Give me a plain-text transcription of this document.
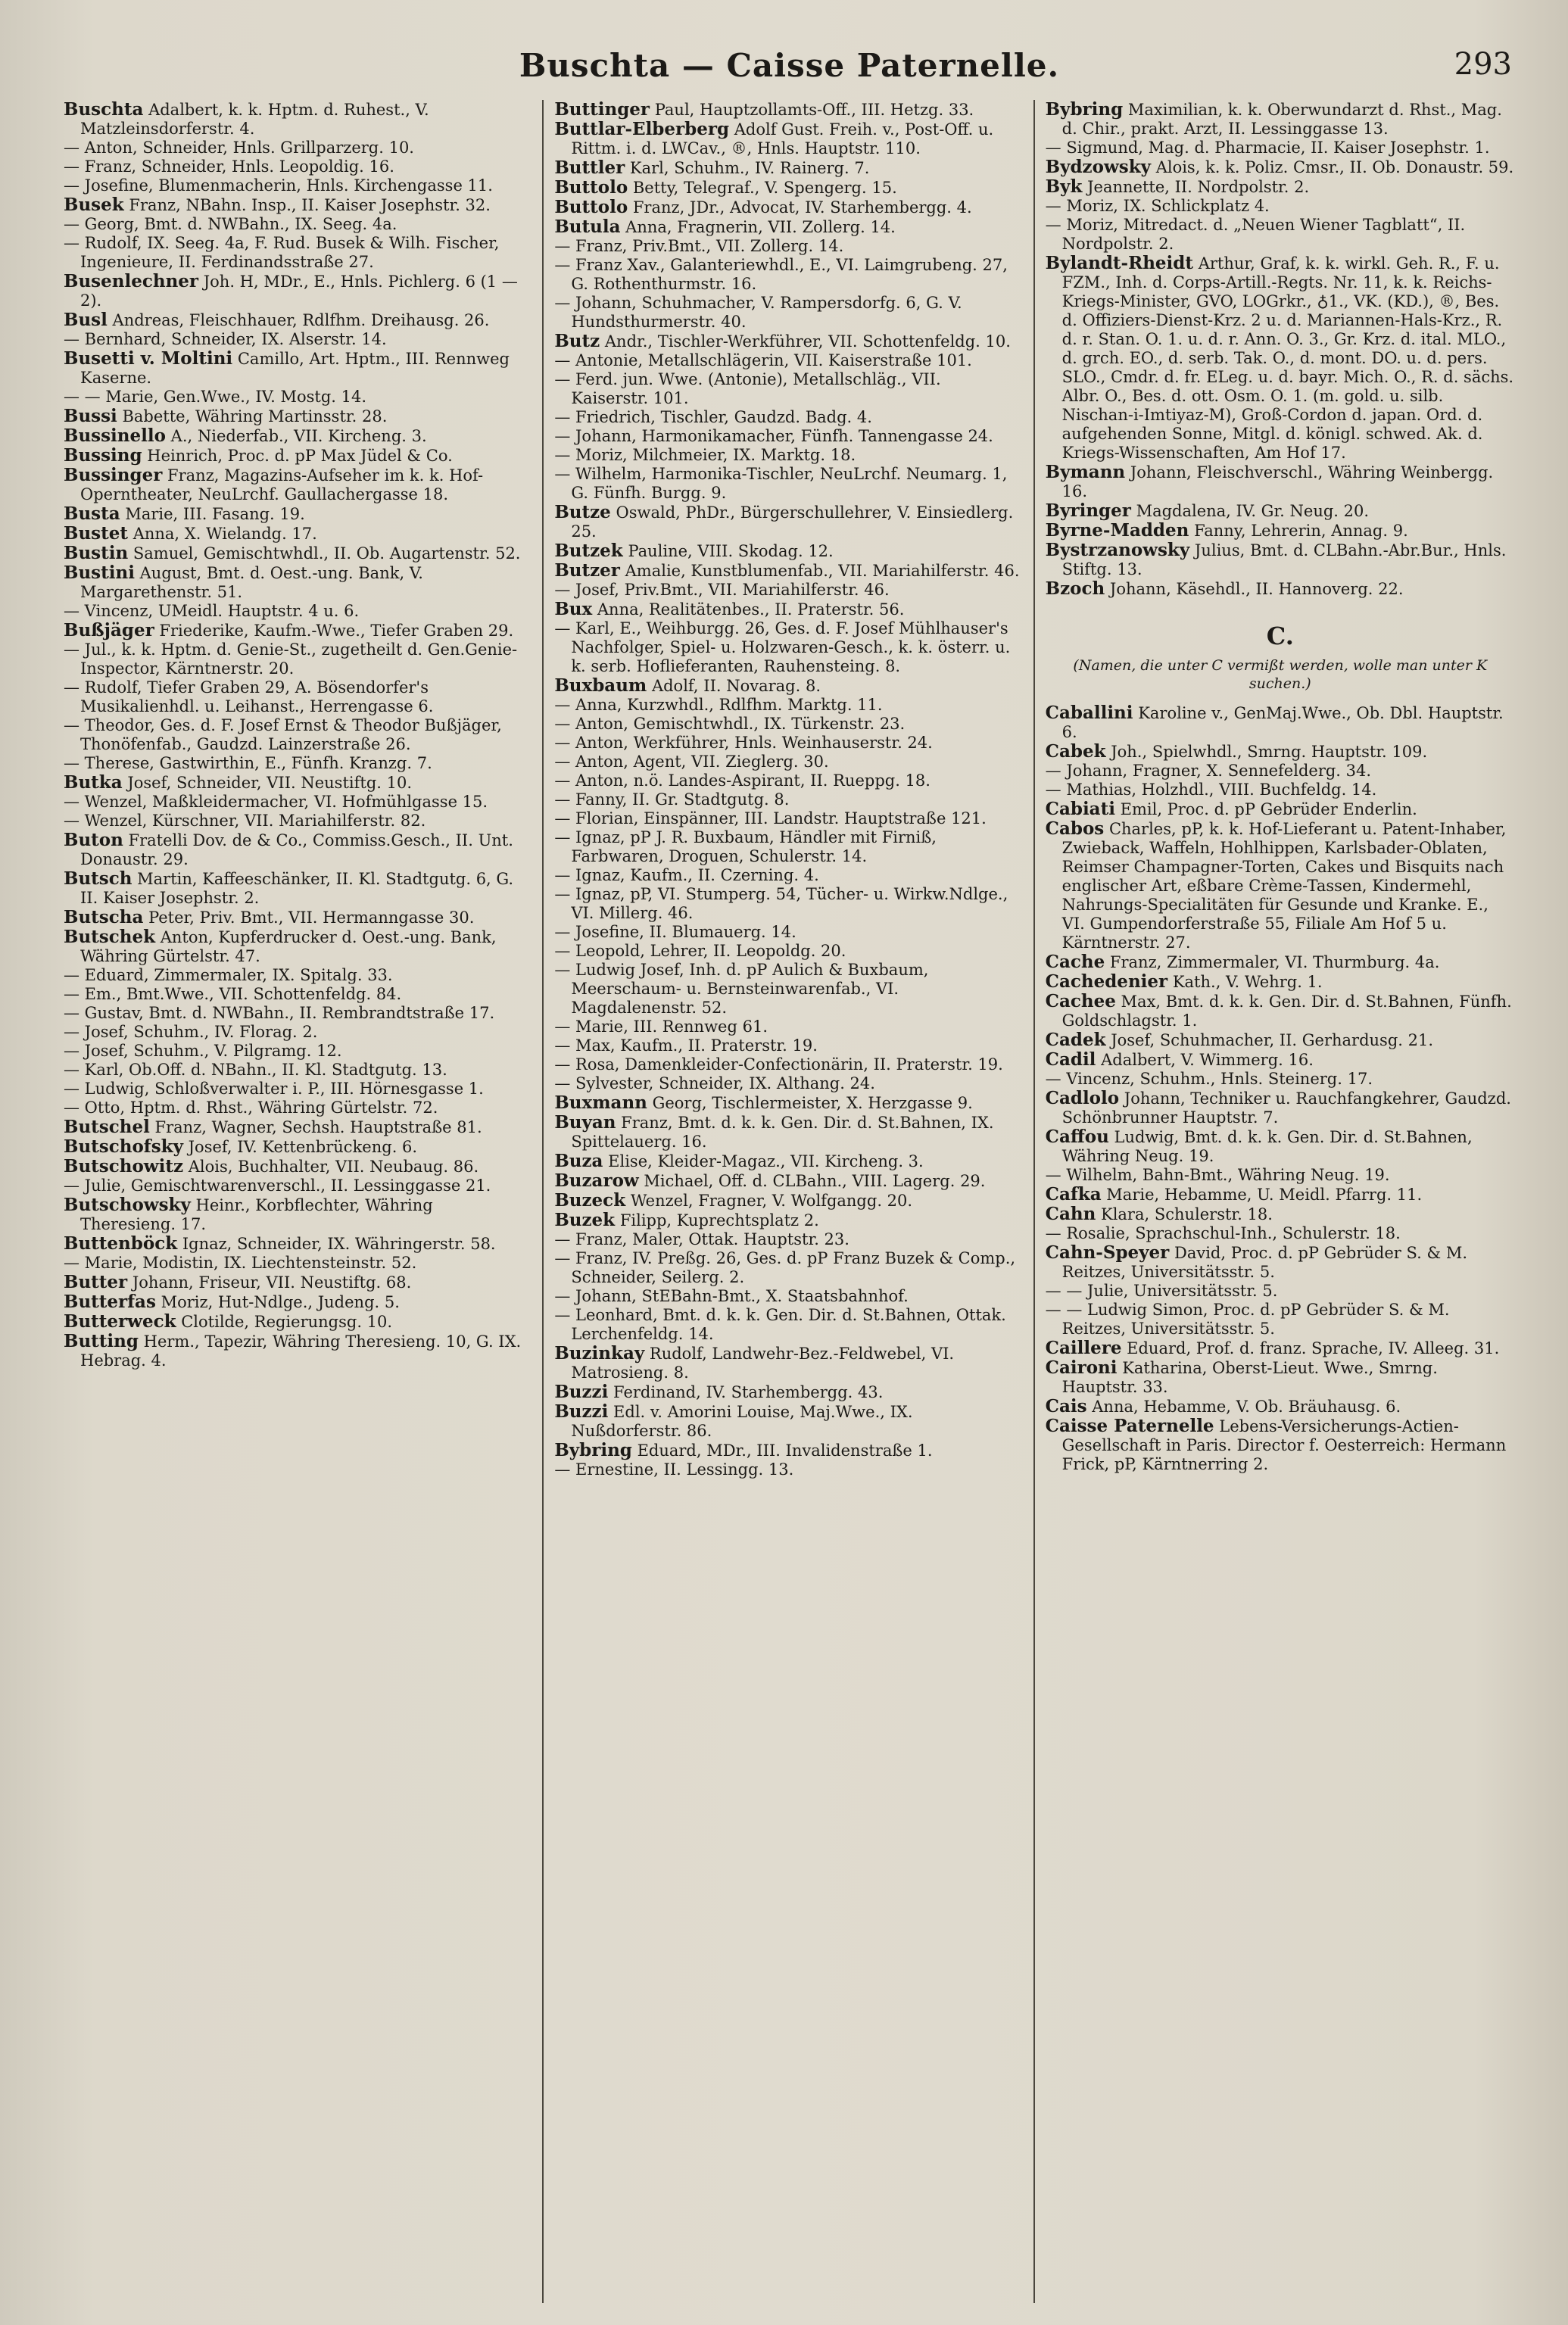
Buschta — Caisse Paternelle.	293

Buschta Adalbert, k. k. Hptm. d. Ruhest., V. Matzleinsdorferstr. 4.

— Anton, Schneider, Hnls. Grillparzerg. 10.

— Franz, Schneider, Hnls. Leopoldig. 16.

— Josefine, Blumenmacherin, Hnls. Kirchengasse 11.

Busek Franz, NBahn. Insp., II. Kaiser Josephstr. 32.

— Georg, Bmt. d. NWBahn., IX. Seeg. 4a.

— Rudolf, IX. Seeg. 4a, F. Rud. Busek & Wilh. Fischer, Ingenieure, II. Ferdinandsstraße 27.

Busenlechner Joh. H, MDr., E., Hnls. Pichlerg. 6 (1 — 2).

Busl Andreas, Fleischhauer, Rdlfhm. Dreihausg. 26.

— Bernhard, Schneider, IX. Alserstr. 14.

Busetti v. Moltini Camillo, Art. Hptm., III. Rennweg Kaserne.

— — Marie, Gen.Wwe., IV. Mostg. 14.

Bussi Babette, Währing Martinsstr. 28.

Bussinello A., Niederfab., VII. Kircheng. 3.

Bussing Heinrich, Proc. d. pP Max Jüdel & Co.

Bussinger Franz, Magazins-Aufseher im k. k. Hof-Operntheater, NeuLrchf. Gaullachergasse 18.

Busta Marie, III. Fasang. 19.

Bustet Anna, X. Wielandg. 17.

Bustin Samuel, Gemischtwhdl., II. Ob. Augartenstr. 52.

Bustini August, Bmt. d. Oest.-ung. Bank, V. Margarethenstr. 51.

— Vincenz, UMeidl. Hauptstr. 4 u. 6.

Bußjäger Friederike, Kaufm.-Wwe., Tiefer Graben 29.

— Jul., k. k. Hptm. d. Genie-St., zugetheilt d. Gen.Genie-Inspector, Kärntnerstr. 20.

— Rudolf, Tiefer Graben 29, A. Bösendorfer's Musikalienhdl. u. Leihanst., Herrengasse 6.

— Theodor, Ges. d. F. Josef Ernst & Theodor Bußjäger, Thonöfenfab., Gaudzd. Lainzerstraße 26.

— Therese, Gastwirthin, E., Fünfh. Kranzg. 7.

Butka Josef, Schneider, VII. Neustiftg. 10.

— Wenzel, Maßkleidermacher, VI. Hofmühlgasse 15.

— Wenzel, Kürschner, VII. Mariahilferstr. 82.

Buton Fratelli Dov. de & Co., Commiss.Gesch., II. Unt. Donaustr. 29.

Butsch Martin, Kaffeeschänker, II. Kl. Stadtgutg. 6, G. II. Kaiser Josephstr. 2.

Butscha Peter, Priv. Bmt., VII. Hermanngasse 30.

Butschek Anton, Kupferdrucker d. Oest.-ung. Bank, Währing Gürtelstr. 47.

— Eduard, Zimmermaler, IX. Spitalg. 33.

— Em., Bmt.Wwe., VII. Schottenfeldg. 84.

— Gustav, Bmt. d. NWBahn., II. Rembrandtstraße 17.

— Josef, Schuhm., IV. Florag. 2.

— Josef, Schuhm., V. Pilgramg. 12.

— Karl, Ob.Off. d. NBahn., II. Kl. Stadtgutg. 13.

— Ludwig, Schloßverwalter i. P., III. Hörnesgasse 1.

— Otto, Hptm. d. Rhst., Währing Gürtelstr. 72.

Butschel Franz, Wagner, Sechsh. Hauptstraße 81.

Butschofsky Josef, IV. Kettenbrückeng. 6.

Butschowitz Alois, Buchhalter, VII. Neubaug. 86.

— Julie, Gemischtwarenverschl., II. Lessinggasse 21.

Butschowsky Heinr., Korbflechter, Währing Theresieng. 17.

Buttenböck Ignaz, Schneider, IX. Währingerstr. 58.

— Marie, Modistin, IX. Liechtensteinstr. 52.

Butter Johann, Friseur, VII. Neustiftg. 68.

Butterfas Moriz, Hut-Ndlge., Judeng. 5.

Butterweck Clotilde, Regierungsg. 10.

Butting Herm., Tapezir, Währing Theresieng. 10, G. IX. Hebrag. 4.

Buttinger Paul, Hauptzollamts-Off., III. Hetzg. 33.

Buttlar-Elberberg Adolf Gust. Freih. v., Post-Off. u. Rittm. i. d. LWCav., ®, Hnls. Hauptstr. 110.

Buttler Karl, Schuhm., IV. Rainerg. 7.

Buttolo Betty, Telegraf., V. Spengerg. 15.

Buttolo Franz, JDr., Advocat, IV. Starhembergg. 4.

Butula Anna, Fragnerin, VII. Zollerg. 14.

— Franz, Priv.Bmt., VII. Zollerg. 14.

— Franz Xav., Galanteriewhdl., E., VI. Laimgrubeng. 27, G. Rothenthurmstr. 16.

— Johann, Schuhmacher, V. Rampersdorfg. 6, G. V. Hundsthurmerstr. 40.

Butz Andr., Tischler-Werkführer, VII. Schottenfeldg. 10.

— Antonie, Metallschlägerin, VII. Kaiserstraße 101.

— Ferd. jun. Wwe. (Antonie), Metallschläg., VII. Kaiserstr. 101.

— Friedrich, Tischler, Gaudzd. Badg. 4.

— Johann, Harmonikamacher, Fünfh. Tannengasse 24.

— Moriz, Milchmeier, IX. Marktg. 18.

— Wilhelm, Harmonika-Tischler, NeuLrchf. Neumarg. 1, G. Fünfh. Burgg. 9.

Butze Oswald, PhDr., Bürgerschullehrer, V. Einsiedlerg. 25.

Butzek Pauline, VIII. Skodag. 12.

Butzer Amalie, Kunstblumenfab., VII. Mariahilferstr. 46.

— Josef, Priv.Bmt., VII. Mariahilferstr. 46.

Bux Anna, Realitätenbes., II. Praterstr. 56.

— Karl, E., Weihburgg. 26, Ges. d. F. Josef Mühlhauser's Nachfolger, Spiel- u. Holzwaren-Gesch., k. k. österr. u. k. serb. Hoflieferanten, Rauhensteing. 8.

Buxbaum Adolf, II. Novarag. 8.

— Anna, Kurzwhdl., Rdlfhm. Marktg. 11.

— Anton, Gemischtwhdl., IX. Türkenstr. 23.

— Anton, Werkführer, Hnls. Weinhauserstr. 24.

— Anton, Agent, VII. Zieglerg. 30.

— Anton, n.ö. Landes-Aspirant, II. Rueppg. 18.

— Fanny, II. Gr. Stadtgutg. 8.

— Florian, Einspänner, III. Landstr. Hauptstraße 121.

— Ignaz, pP J. R. Buxbaum, Händler mit Firniß, Farbwaren, Droguen, Schulerstr. 14.

— Ignaz, Kaufm., II. Czerning. 4.

— Ignaz, pP, VI. Stumperg. 54, Tücher- u. Wirkw.Ndlge., VI. Millerg. 46.

— Josefine, II. Blumauerg. 14.

— Leopold, Lehrer, II. Leopoldg. 20.

— Ludwig Josef, Inh. d. pP Aulich & Buxbaum, Meerschaum- u. Bernsteinwarenfab., VI. Magdalenenstr. 52.

— Marie, III. Rennweg 61.

— Max, Kaufm., II. Praterstr. 19.

— Rosa, Damenkleider-Confectionärin, II. Praterstr. 19.

— Sylvester, Schneider, IX. Althang. 24.

Buxmann Georg, Tischlermeister, X. Herzgasse 9.

Buyan Franz, Bmt. d. k. k. Gen. Dir. d. St.Bahnen, IX. Spittelauerg. 16.

Buza Elise, Kleider-Magaz., VII. Kircheng. 3.

Buzarow Michael, Off. d. CLBahn., VIII. Lagerg. 29.

Buzeck Wenzel, Fragner, V. Wolfgangg. 20.

Buzek Filipp, Kuprechtsplatz 2.

— Franz, Maler, Ottak. Hauptstr. 23.

— Franz, IV. Preßg. 26, Ges. d. pP Franz Buzek & Comp., Schneider, Seilerg. 2.

— Johann, StEBahn-Bmt., X. Staatsbahnhof.

— Leonhard, Bmt. d. k. k. Gen. Dir. d. St.Bahnen, Ottak. Lerchenfeldg. 14.

Buzinkay Rudolf, Landwehr-Bez.-Feldwebel, VI. Matrosieng. 8.

Buzzi Ferdinand, IV. Starhembergg. 43.

Buzzi Edl. v. Amorini Louise, Maj.Wwe., IX. Nußdorferstr. 86.

Bybring Eduard, MDr., III. Invalidenstraße 1.

— Ernestine, II. Lessingg. 13.

Bybring Maximilian, k. k. Oberwundarzt d. Rhst., Mag. d. Chir., prakt. Arzt, II. Lessinggasse 13.

— Sigmund, Mag. d. Pharmacie, II. Kaiser Josephstr. 1.

Bydzowsky Alois, k. k. Poliz. Cmsr., II. Ob. Donaustr. 59.

Byk Jeannette, II. Nordpolstr. 2.

— Moriz, IX. Schlickplatz 4.

— Moriz, Mitredact. d. „Neuen Wiener Tagblatt“, II. Nordpolstr. 2.

Bylandt-Rheidt Arthur, Graf, k. k. wirkl. Geh. R., F. u. FZM., Inh. d. Corps-Artill.-Regts. Nr. 11, k. k. Reichs-Kriegs-Minister, GVO, LOGrkr., ♁1., VK. (KD.), ®, Bes. d. Offiziers-Dienst-Krz. 2 u. d. Mariannen-Hals-Krz., R. d. r. Stan. O. 1. u. d. r. Ann. O. 3., Gr. Krz. d. ital. MLO., d. grch. EO., d. serb. Tak. O., d. mont. DO. u. d. pers. SLO., Cmdr. d. fr. ELeg. u. d. bayr. Mich. O., R. d. sächs. Albr. O., Bes. d. ott. Osm. O. 1. (m. gold. u. silb. Nischan-i-Imtiyaz-M), Groß-Cordon d. japan. Ord. d. aufgehenden Sonne, Mitgl. d. königl. schwed. Ak. d. Kriegs-Wissenschaften, Am Hof 17.

Bymann Johann, Fleischverschl., Währing Weinbergg. 16.

Byringer Magdalena, IV. Gr. Neug. 20.

Byrne-Madden Fanny, Lehrerin, Annag. 9.

Bystrzanowsky Julius, Bmt. d. CLBahn.-Abr.Bur., Hnls. Stiftg. 13.

Bzoch Johann, Käsehdl., II. Hannoverg. 22.

C.
(Namen, die unter C vermißt werden, wolle man unter K suchen.)

Caballini Karoline v., GenMaj.Wwe., Ob. Dbl. Hauptstr. 6.

Cabek Joh., Spielwhdl., Smrng. Hauptstr. 109.

— Johann, Fragner, X. Sennefelderg. 34.

— Mathias, Holzhdl., VIII. Buchfeldg. 14.

Cabiati Emil, Proc. d. pP Gebrüder Enderlin.

Cabos Charles, pP, k. k. Hof-Lieferant u. Patent-Inhaber, Zwieback, Waffeln, Hohlhippen, Karlsbader-Oblaten, Reimser Champagner-Torten, Cakes und Bisquits nach englischer Art, eßbare Crème-Tassen, Kindermehl, Nahrungs-Specialitäten für Gesunde und Kranke. E., VI. Gumpendorferstraße 55, Filiale Am Hof 5 u. Kärntnerstr. 27.

Cache Franz, Zimmermaler, VI. Thurmburg. 4a.

Cachedenier Kath., V. Wehrg. 1.

Cachee Max, Bmt. d. k. k. Gen. Dir. d. St.Bahnen, Fünfh. Goldschlagstr. 1.

Cadek Josef, Schuhmacher, II. Gerhardusg. 21.

Cadil Adalbert, V. Wimmerg. 16.

— Vincenz, Schuhm., Hnls. Steinerg. 17.

Cadlolo Johann, Techniker u. Rauchfangkehrer, Gaudzd. Schönbrunner Hauptstr. 7.

Caffou Ludwig, Bmt. d. k. k. Gen. Dir. d. St.Bahnen, Währing Neug. 19.

— Wilhelm, Bahn-Bmt., Währing Neug. 19.

Cafka Marie, Hebamme, U. Meidl. Pfarrg. 11.

Cahn Klara, Schulerstr. 18.

— Rosalie, Sprachschul-Inh., Schulerstr. 18.

Cahn-Speyer David, Proc. d. pP Gebrüder S. & M. Reitzes, Universitätsstr. 5.

— — Julie, Universitätsstr. 5.

— — Ludwig Simon, Proc. d. pP Gebrüder S. & M. Reitzes, Universitätsstr. 5.

Caillere Eduard, Prof. d. franz. Sprache, IV. Alleeg. 31.

Caironi Katharina, Oberst-Lieut. Wwe., Smrng. Hauptstr. 33.

Cais Anna, Hebamme, V. Ob. Bräuhausg. 6.

Caisse Paternelle Lebens-Versicherungs-Actien-Gesellschaft in Paris. Director f. Oesterreich: Hermann Frick, pP, Kärntnerring 2.
